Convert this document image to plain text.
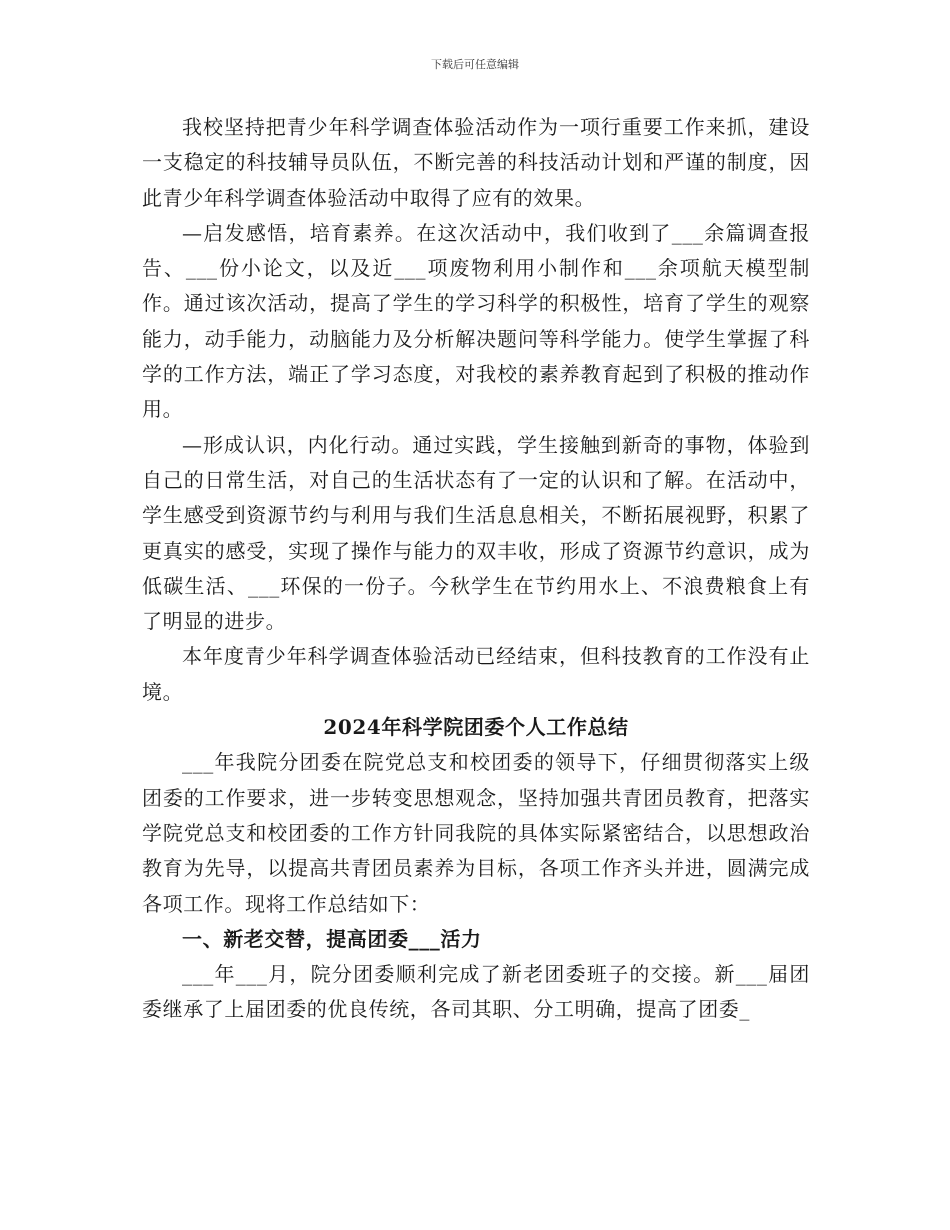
下载后可任意编辑

我校坚持把青少年科学调查体验活动作为一项行重要工作来抓，建设一支稳定的科技辅导员队伍，不断完善的科技活动计划和严谨的制度，因此青少年科学调查体验活动中取得了应有的效果。

—启发感悟，培育素养。在这次活动中，我们收到了___余篇调查报告、___份小论文，以及近___项废物利用小制作和___余项航天模型制作。通过该次活动，提高了学生的学习科学的积极性，培育了学生的观察能力，动手能力，动脑能力及分析解决题问等科学能力。使学生掌握了科学的工作方法，端正了学习态度，对我校的素养教育起到了积极的推动作用。

—形成认识，内化行动。通过实践，学生接触到新奇的事物，体验到自己的日常生活，对自己的生活状态有了一定的认识和了解。在活动中，学生感受到资源节约与利用与我们生活息息相关，不断拓展视野，积累了更真实的感受，实现了操作与能力的双丰收，形成了资源节约意识，成为低碳生活、___环保的一份子。今秋学生在节约用水上、不浪费粮食上有了明显的进步。

本年度青少年科学调查体验活动已经结束，但科技教育的工作没有止境。

2024年科学院团委个人工作总结

___年我院分团委在院党总支和校团委的领导下，仔细贯彻落实上级团委的工作要求，进一步转变思想观念，坚持加强共青团员教育，把落实学院党总支和校团委的工作方针同我院的具体实际紧密结合，以思想政治教育为先导，以提高共青团员素养为目标，各项工作齐头并进，圆满完成各项工作。现将工作总结如下：

一、新老交替，提高团委___活力

___年___月，院分团委顺利完成了新老团委班子的交接。新___届团委继承了上届团委的优良传统，各司其职、分工明确，提高了团委_
